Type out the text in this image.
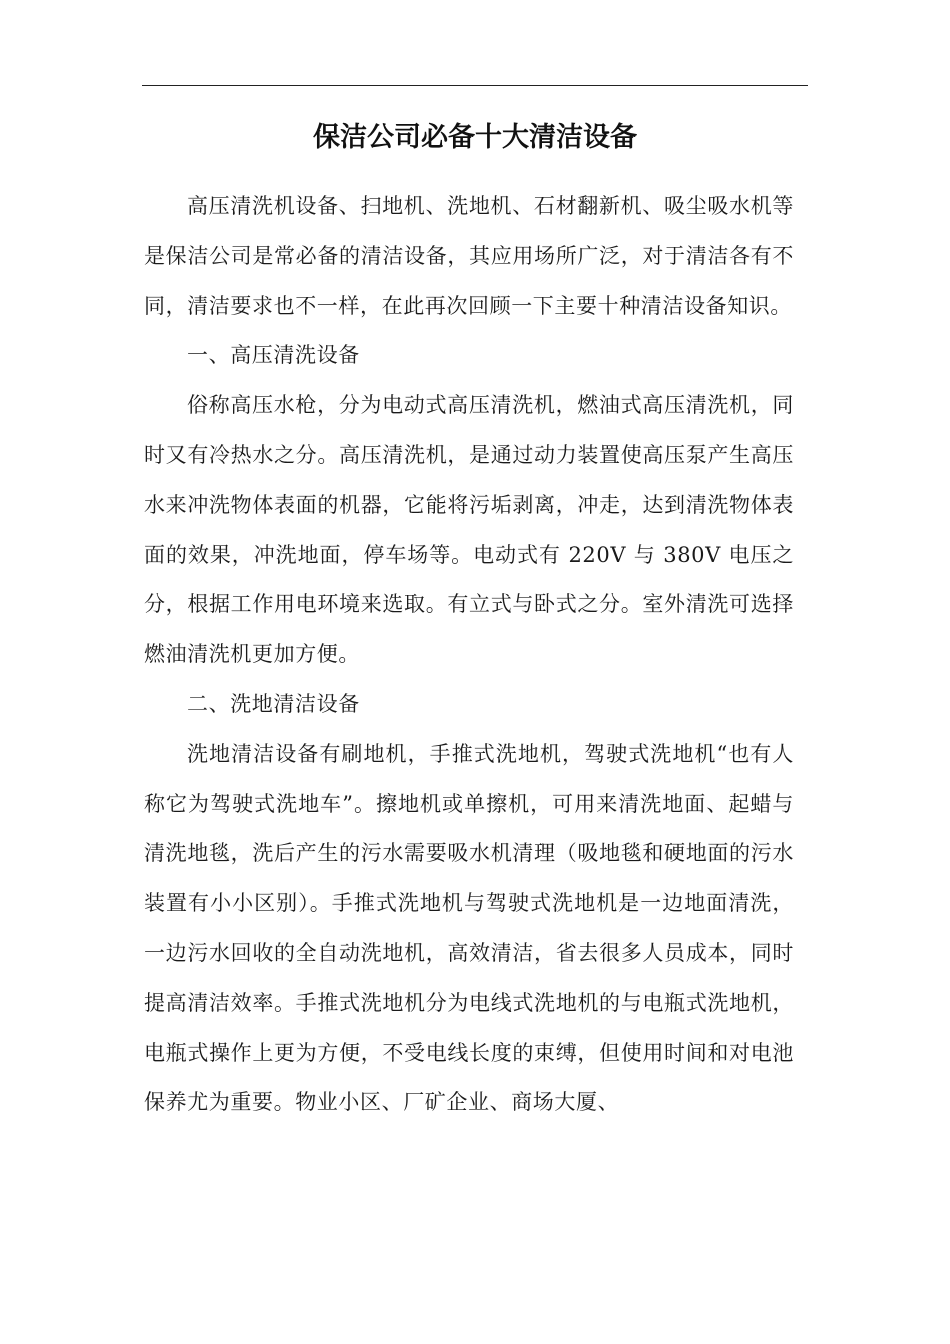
保洁公司必备十大清洁设备

高压清洗机设备、扫地机、洗地机、石材翻新机、吸尘吸水机等是保洁公司是常必备的清洁设备，其应用场所广泛，对于清洁各有不同，清洁要求也不一样，在此再次回顾一下主要十种清洁设备知识。

一、高压清洗设备

俗称高压水枪，分为电动式高压清洗机，燃油式高压清洗机，同时又有冷热水之分。高压清洗机，是通过动力装置使高压泵产生高压水来冲洗物体表面的机器，它能将污垢剥离，冲走，达到清洗物体表面的效果，冲洗地面，停车场等。电动式有 220V 与 380V 电压之分，根据工作用电环境来选取。有立式与卧式之分。室外清洗可选择燃油清洗机更加方便。

二、洗地清洁设备

洗地清洁设备有刷地机，手推式洗地机，驾驶式洗地机“也有人称它为驾驶式洗地车”。擦地机或单擦机，可用来清洗地面、起蜡与清洗地毯，洗后产生的污水需要吸水机清理（吸地毯和硬地面的污水装置有小小区别）。手推式洗地机与驾驶式洗地机是一边地面清洗，一边污水回收的全自动洗地机，高效清洁，省去很多人员成本，同时提高清洁效率。手推式洗地机分为电线式洗地机的与电瓶式洗地机，电瓶式操作上更为方便，不受电线长度的束缚，但使用时间和对电池保养尤为重要。物业小区、厂矿企业、商场大厦、
